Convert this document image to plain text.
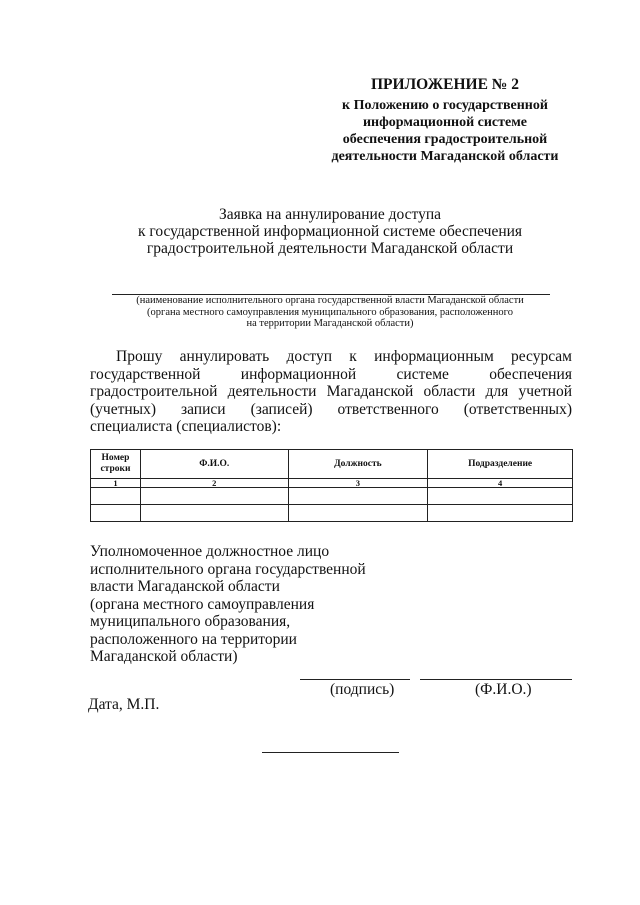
ПРИЛОЖЕНИЕ № 2
к Положению о государственной
информационной системе
обеспечения градостроительной
деятельности Магаданской области
Заявка на аннулирование доступа
к государственной информационной системе обеспечения
градостроительной деятельности Магаданской области
(наименование исполнительного органа государственной власти Магаданской области
(органа местного самоуправления муниципального образования, расположенного
на территории Магаданской области)
Прошу аннулировать доступ к информационным ресурсам государственной информационной системе обеспечения градостроительной деятельности Магаданской области для учетной (учетных) записи (записей) ответственного (ответственных) специалиста (специалистов):
Номер строки	Ф.И.О.	Должность	Подразделение
1	2	3	4

Уполномоченное должностное лицо
исполнительного органа государственной
власти Магаданской области
(органа местного самоуправления
муниципального образования,
расположенного на территории
Магаданской области)
(подпись)	(Ф.И.О.)
Дата, М.П.
